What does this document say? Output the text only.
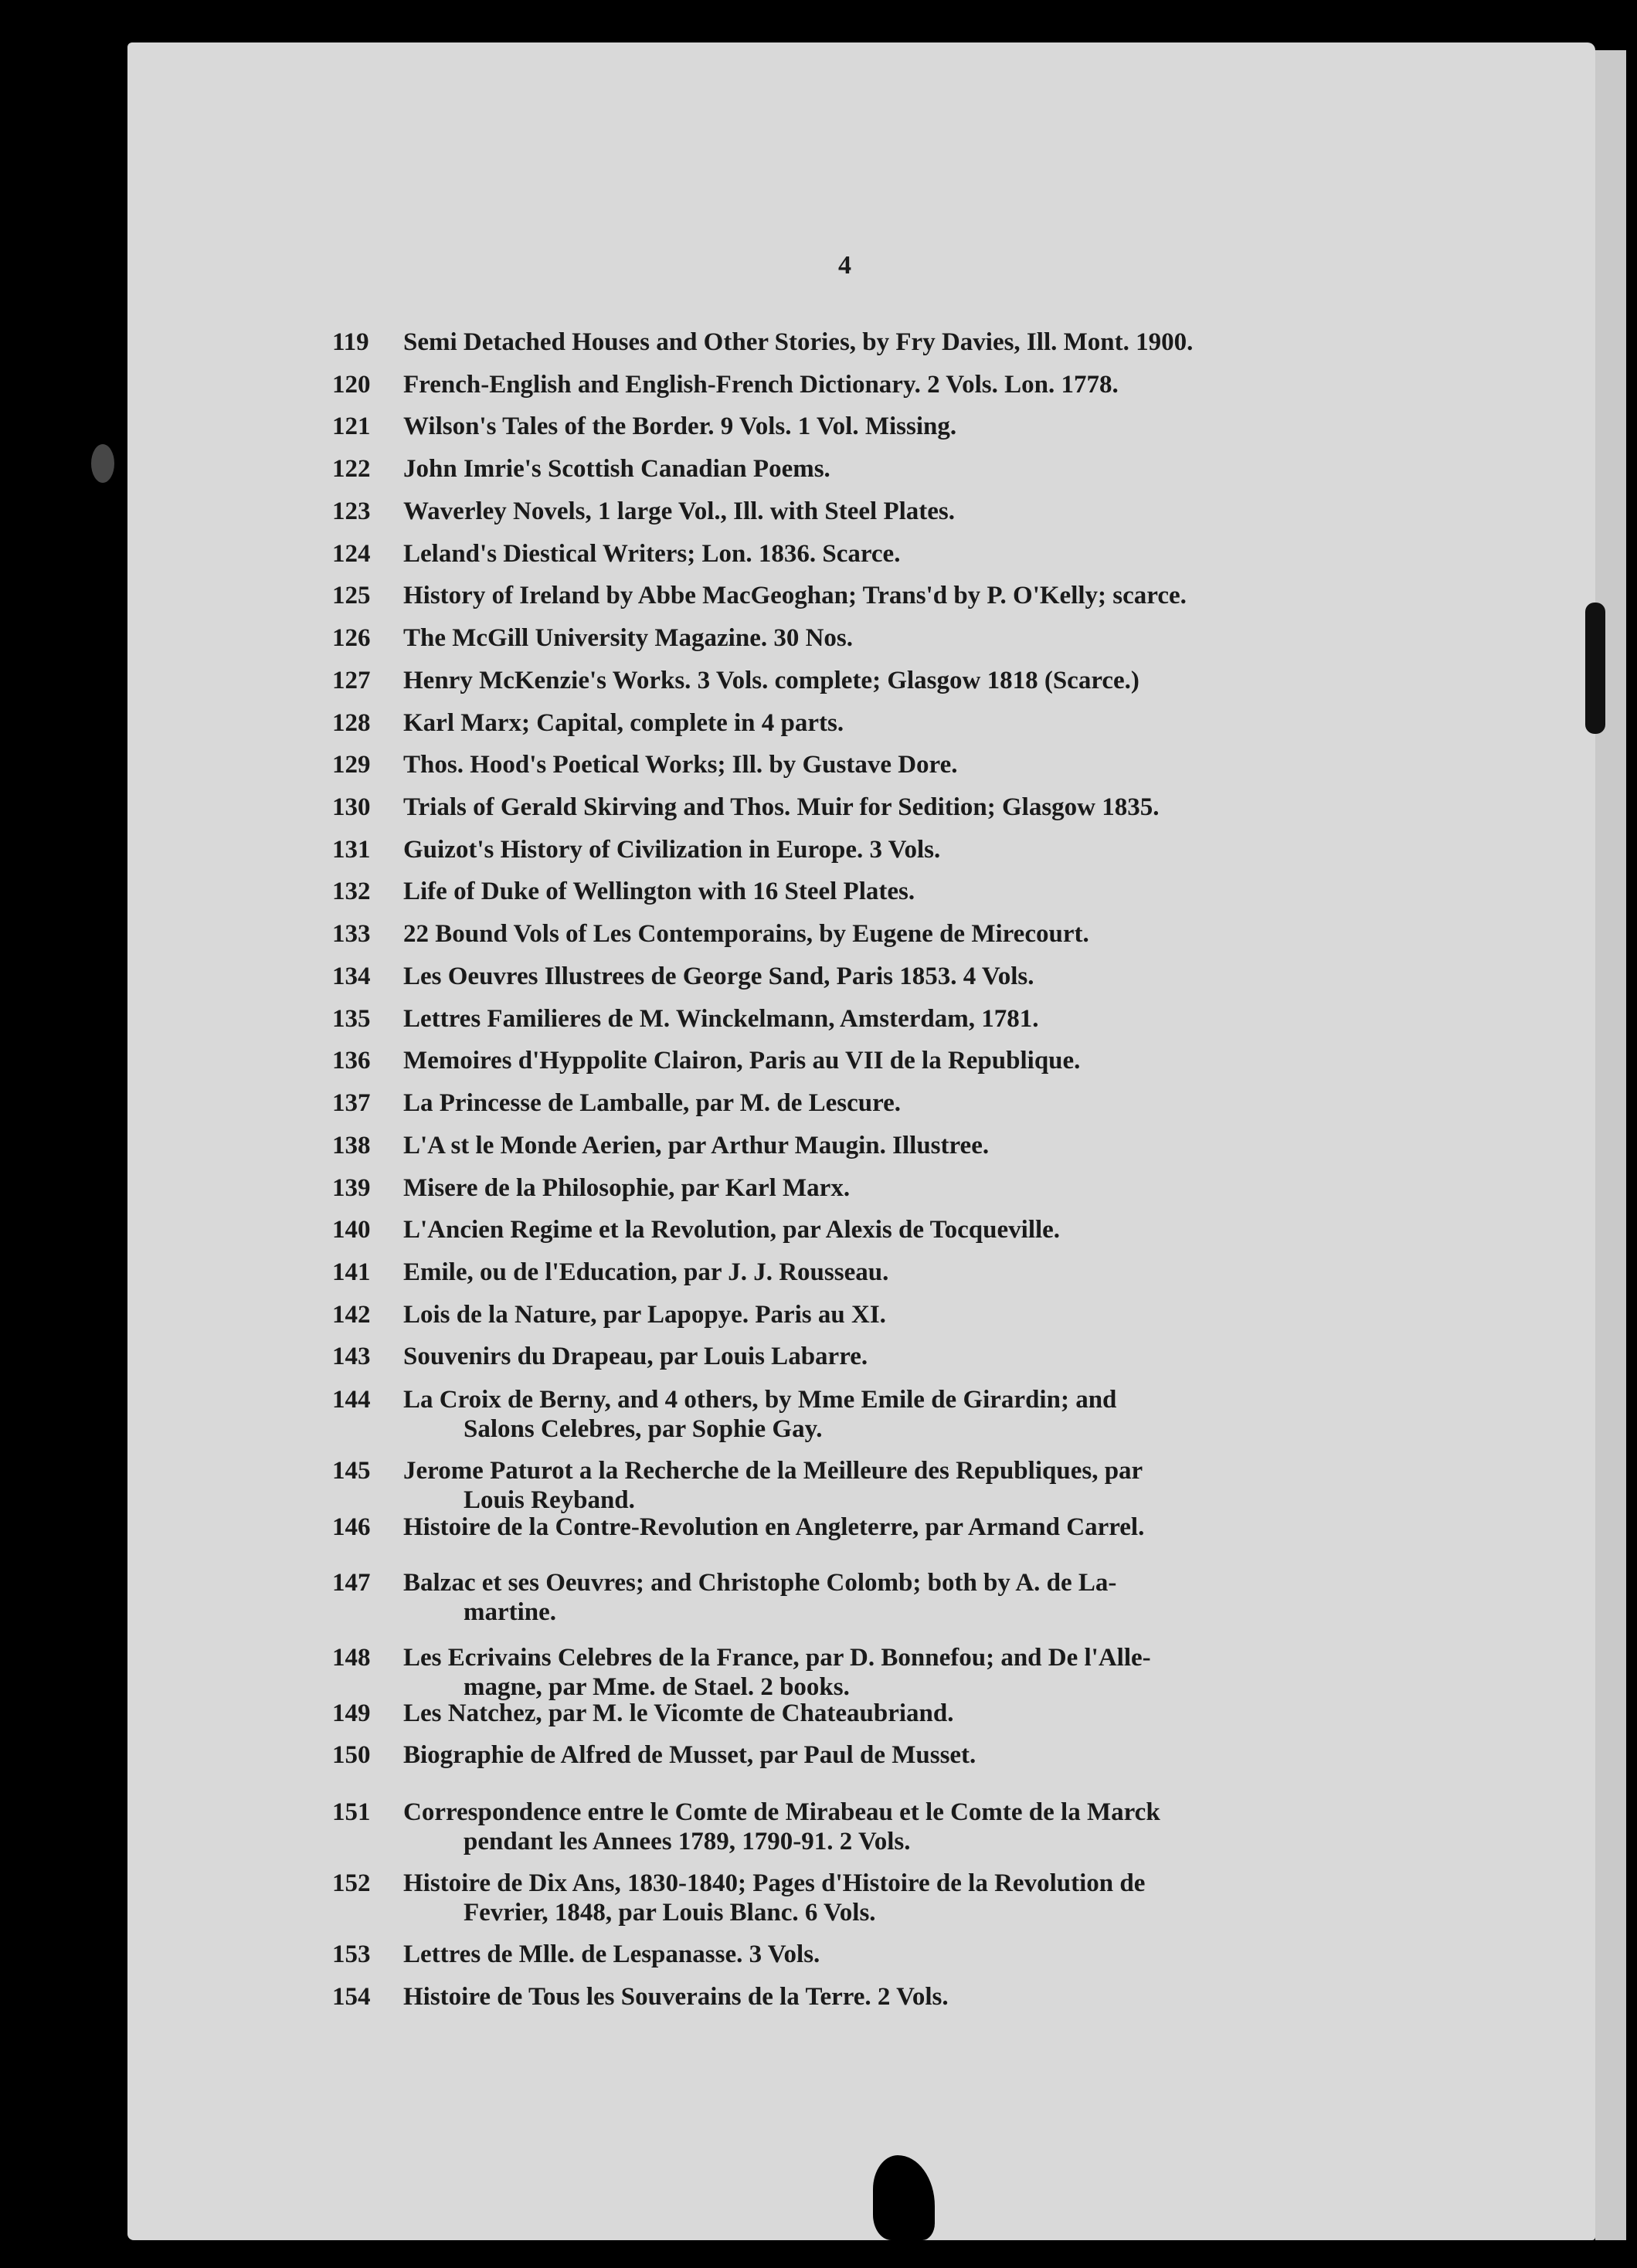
4
119	Semi Detached Houses and Other Stories, by Fry Davies, Ill. Mont. 1900.
120	French-English and English-French Dictionary. 2 Vols. Lon. 1778.
121	Wilson's Tales of the Border. 9 Vols. 1 Vol. Missing.
122	John Imrie's Scottish Canadian Poems.
123	Waverley Novels, 1 large Vol., Ill. with Steel Plates.
124	Leland's Diestical Writers; Lon. 1836. Scarce.
125	History of Ireland by Abbe MacGeoghan; Trans'd by P. O'Kelly; scarce.
126	The McGill University Magazine. 30 Nos.
127	Henry McKenzie's Works. 3 Vols. complete; Glasgow 1818 (Scarce.)
128	Karl Marx; Capital, complete in 4 parts.
129	Thos. Hood's Poetical Works; Ill. by Gustave Dore.
130	Trials of Gerald Skirving and Thos. Muir for Sedition; Glasgow 1835.
131	Guizot's History of Civilization in Europe. 3 Vols.
132	Life of Duke of Wellington with 16 Steel Plates.
133	22 Bound Vols of Les Contemporains, by Eugene de Mirecourt.
134	Les Oeuvres Illustrees de George Sand, Paris 1853. 4 Vols.
135	Lettres Familieres de M. Winckelmann, Amsterdam, 1781.
136	Memoires d'Hyppolite Clairon, Paris au VII de la Republique.
137	La Princesse de Lamballe, par M. de Lescure.
138	L'A st le Monde Aerien, par Arthur Maugin. Illustree.
139	Misere de la Philosophie, par Karl Marx.
140	L'Ancien Regime et la Revolution, par Alexis de Tocqueville.
141	Emile, ou de l'Education, par J. J. Rousseau.
142	Lois de la Nature, par Lapopye. Paris au XI.
143	Souvenirs du Drapeau, par Louis Labarre.
144	La Croix de Berny, and 4 others, by Mme Emile de Girardin; and
Salons Celebres, par Sophie Gay.
145	Jerome Paturot a la Recherche de la Meilleure des Republiques, par
Louis Reyband.
146	Histoire de la Contre-Revolution en Angleterre, par Armand Carrel.
147	Balzac et ses Oeuvres; and Christophe Colomb; both by A. de La-
martine.
148	Les Ecrivains Celebres de la France, par D. Bonnefou; and De l'Alle-
magne, par Mme. de Stael. 2 books.
149	Les Natchez, par M. le Vicomte de Chateaubriand.
150	Biographie de Alfred de Musset, par Paul de Musset.
151	Correspondence entre le Comte de Mirabeau et le Comte de la Marck
pendant les Annees 1789, 1790-91. 2 Vols.
152	Histoire de Dix Ans, 1830-1840; Pages d'Histoire de la Revolution de
Fevrier, 1848, par Louis Blanc. 6 Vols.
153	Lettres de Mlle. de Lespanasse. 3 Vols.
154	Histoire de Tous les Souverains de la Terre. 2 Vols.
